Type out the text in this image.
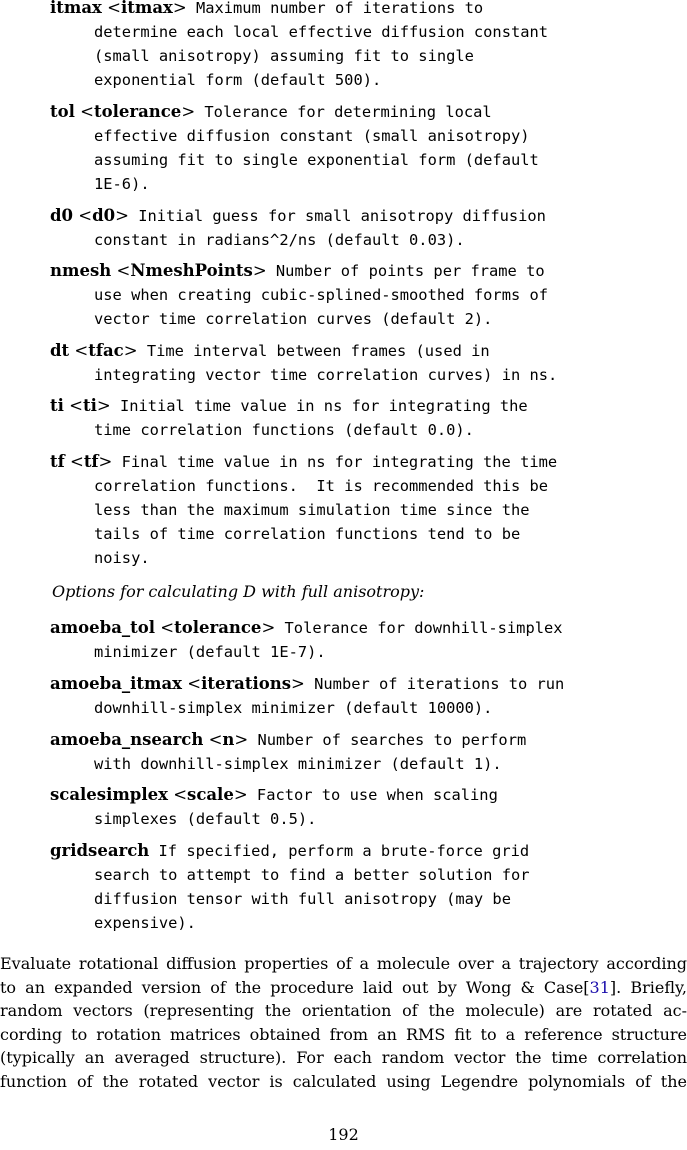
itmax <itmax> Maximum number of iterations to
determine each local effective diffusion constant
(small anisotropy) assuming fit to single
exponential form (default 500).
tol <tolerance> Tolerance for determining local
effective diffusion constant (small anisotropy)
assuming fit to single exponential form (default
1E-6).
d0 <d0> Initial guess for small anisotropy diffusion
constant in radians^2/ns (default 0.03).
nmesh <NmeshPoints> Number of points per frame to
use when creating cubic-splined-smoothed forms of
vector time correlation curves (default 2).
dt <tfac> Time interval between frames (used in
integrating vector time correlation curves) in ns.
ti <ti> Initial time value in ns for integrating the
time correlation functions (default 0.0).
tf <tf> Final time value in ns for integrating the time
correlation functions.  It is recommended this be
less than the maximum simulation time since the
tails of time correlation functions tend to be
noisy.
Options for calculating D with full anisotropy:
amoeba_tol <tolerance> Tolerance for downhill-simplex
minimizer (default 1E-7).
amoeba_itmax <iterations> Number of iterations to run
downhill-simplex minimizer (default 10000).
amoeba_nsearch <n> Number of searches to perform
with downhill-simplex minimizer (default 1).
scalesimplex <scale> Factor to use when scaling
simplexes (default 0.5).
gridsearch If specified, perform a brute-force grid
search to attempt to find a better solution for
diffusion tensor with full anisotropy (may be
expensive).
Evaluate rotational diffusion properties of a molecule over a trajectory according
to an expanded version of the procedure laid out by Wong & Case[31]. Briefly,
random vectors (representing the orientation of the molecule) are rotated ac-
cording to rotation matrices obtained from an RMS fit to a reference structure
(typically an averaged structure). For each random vector the time correlation
function of the rotated vector is calculated using Legendre polynomials of the
192
